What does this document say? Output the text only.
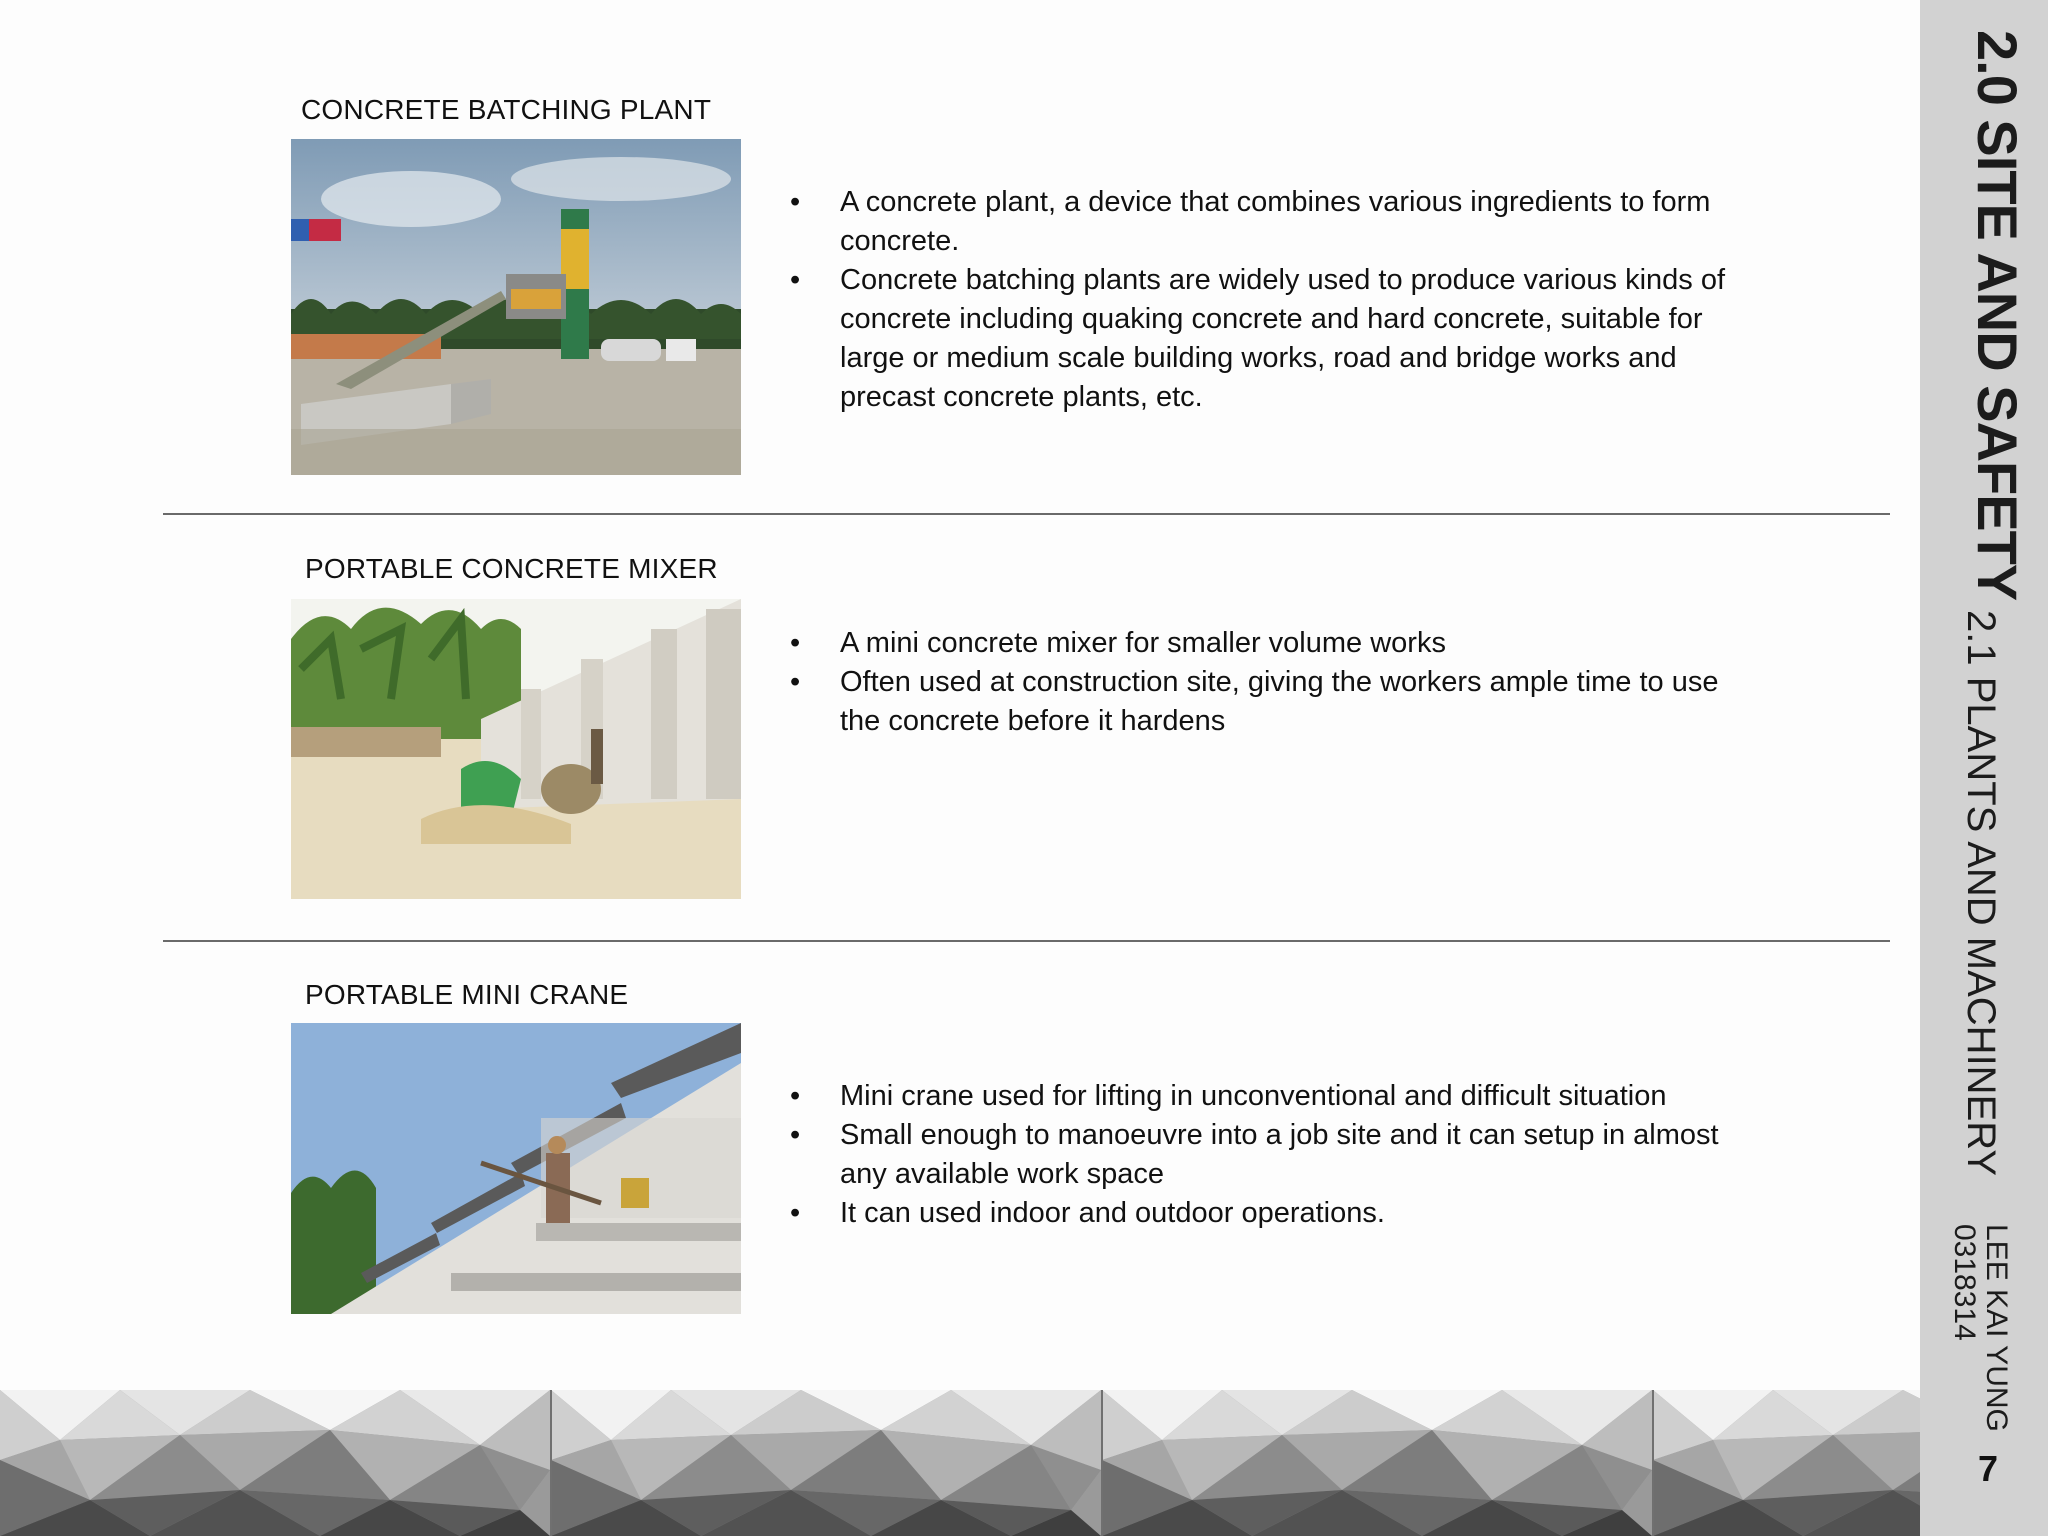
CONCRETE BATCHING PLANT
• A concrete plant, a device that combines various ingredients to form concrete.
• Concrete batching plants are widely used to produce various kinds of concrete including quaking concrete and hard concrete, suitable for large or medium scale building works, road and bridge works and precast concrete plants, etc.
PORTABLE CONCRETE MIXER
• A mini concrete mixer for smaller volume works
• Often used at construction site, giving the workers ample time to use the concrete before it hardens
PORTABLE MINI CRANE
• Mini crane used for lifting in unconventional and difficult situation
• Small enough to manoeuvre into a job site and it can setup in almost any available work space
• It can used indoor and outdoor operations.
2.0 SITE AND SAFETY
2.1 PLANTS AND MACHINERY
LEE KAI YUNG
0318314
7
